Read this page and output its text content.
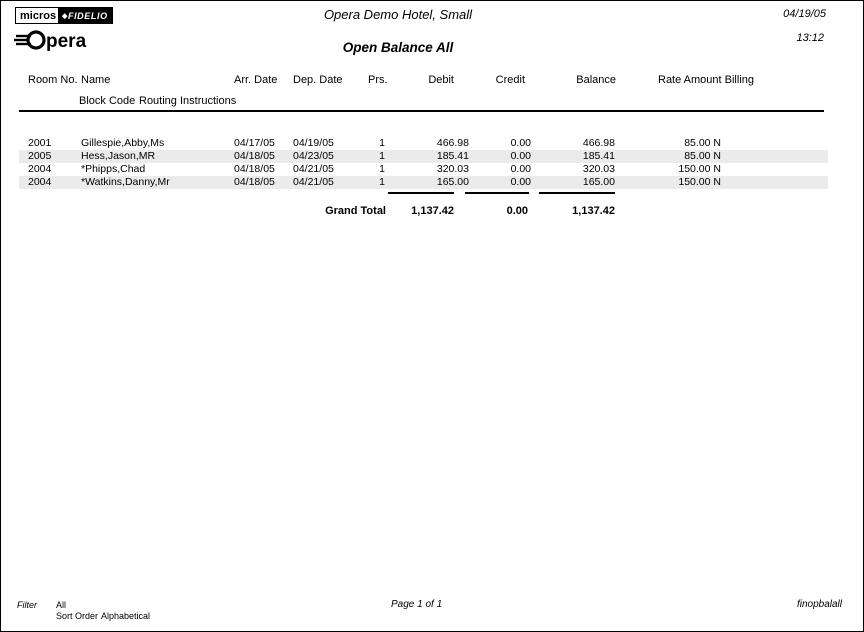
micros ◆FIDELIO
pera
Opera Demo Hotel, Small
Open Balance All
04/19/05
13:12
Room No. Name	Arr. Date Dep. Date Prs.	Debit	Credit	Balance	Rate Amount Billing
Block Code Routing Instructions
2001	Gillespie,Abby,Ms	04/17/05	04/19/05	1	466.98	0.00	466.98	85.00 N	
2005	Hess,Jason,MR	04/18/05	04/23/05	1	185.41	0.00	185.41	85.00 N	
2004	*Phipps,Chad	04/18/05	04/21/05	1	320.03	0.00	320.03	150.00 N	
2004	*Watkins,Danny,Mr	04/18/05	04/21/05	1	165.00	0.00	165.00	150.00 N	
Grand Total	1,137.42	0.00	1,137.42
Filter All
Sort Order Alphabetical
Page 1 of 1	finopbalall
